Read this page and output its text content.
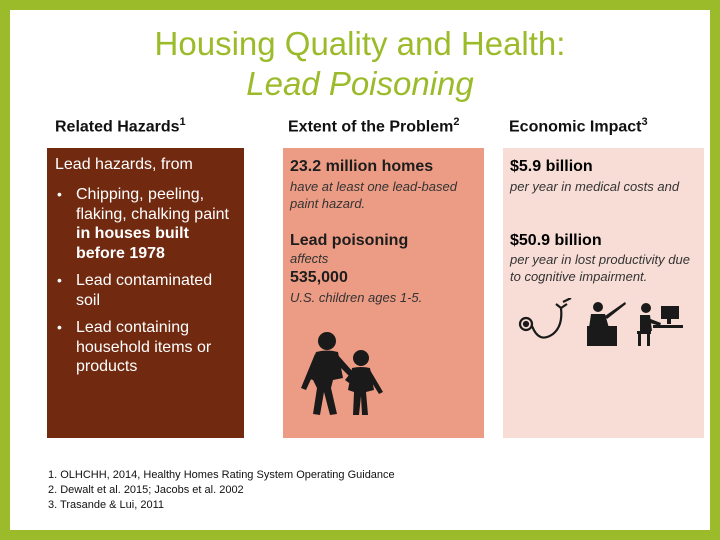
Housing Quality and Health:
Lead Poisoning
Related Hazards$^1$	Extent of the Problem$^2$	Economic Impact$^3$
Lead hazards, from
• Chipping, peeling, flaking, chalking paint in houses built before 1978
• Lead contaminated soil
• Lead containing household items or products
23.2 million homes
have at least one lead-based paint hazard.
Lead poisoning
affects
535,000
U.S. children ages 1-5.
$5.9 billion
per year in medical costs and
$50.9 billion
per year in lost productivity due to cognitive impairment.
1. OLHCHH, 2014, Healthy Homes Rating System Operating Guidance
2. Dewalt et al. 2015; Jacobs et al. 2002
3. Trasande & Lui, 2011
